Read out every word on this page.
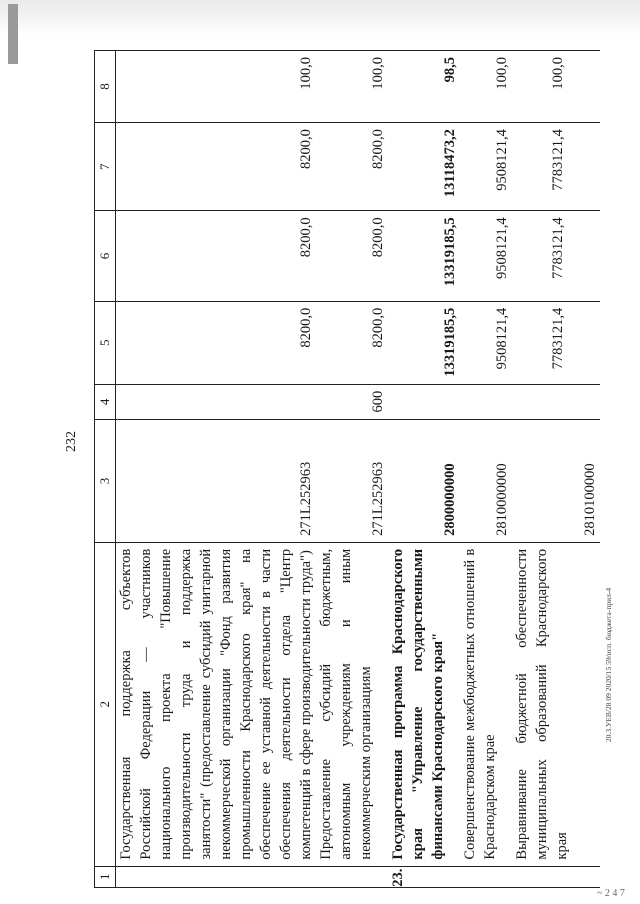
232
20.3.УЕВ/28 09 2020/15 59/исп. бюджета-прил-4
~ 2 4 7
1	2	3	4	5	6	7	8
	Государственная поддержка субъектов Российской Федерации — участников национального проекта "Повышение производительности труда и поддержка занятости" (предоставление субсидий унитарной некоммерческой организации "Фонд развития промышленности Краснодарского края" на обеспечение ее уставной деятельности в части обеспечения деятельности отдела "Центр компетенций в сфере производительности труда")	271L252963		8200,0	8200,0	8200,0	100,0
	Предоставление субсидий бюджетным, автономным учреждениям и иным некоммерческим организациям	271L252963	600	8200,0	8200,0	8200,0	100,0
23.	Государственная программа Краснодарского края "Управление государственными финансами Краснодарского края"	2800000000		13319185,5	13319185,5	13118473,2	98,5
	Совершенствование межбюджетных отношений в Краснодарском крае	2810000000		9508121,4	9508121,4	9508121,4	100,0
	Выравнивание бюджетной обеспеченности муниципальных образований Краснодарского края	2810100000		7783121,4	7783121,4	7783121,4	100,0
